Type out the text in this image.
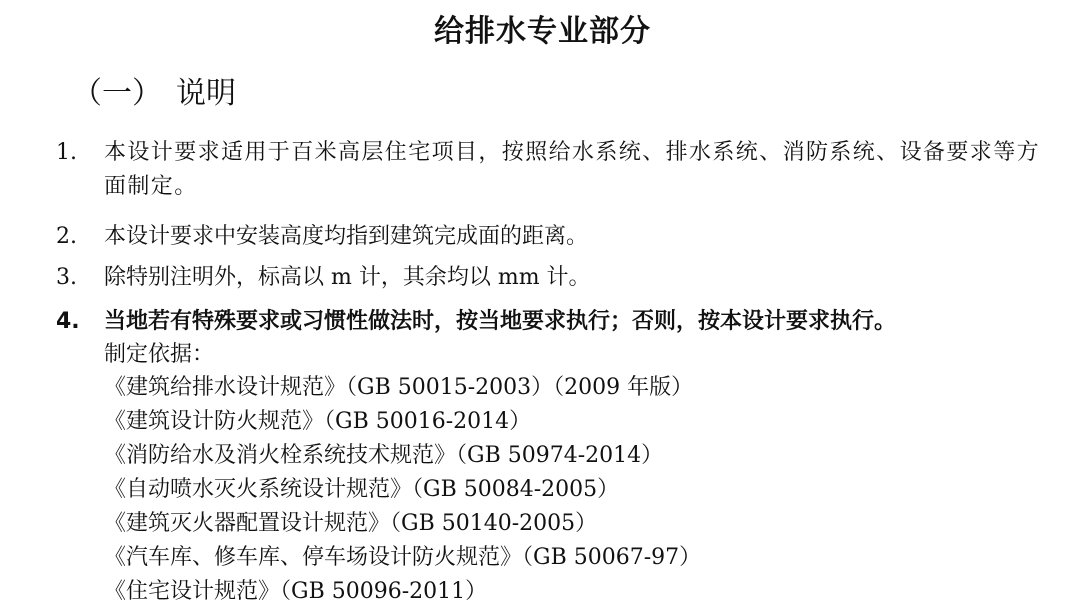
给排水专业部分
（一） 说明
1. 本设计要求适用于百米高层住宅项目，按照给水系统、排水系统、消防系统、设备要求等方面制定。
2. 本设计要求中安装高度均指到建筑完成面的距离。
3. 除特别注明外，标高以 m 计，其余均以 mm 计。
4. 当地若有特殊要求或习惯性做法时，按当地要求执行；否则，按本设计要求执行。
制定依据：
《建筑给排水设计规范》（GB 50015-2003）（2009 年版）
《建筑设计防火规范》（GB 50016-2014）
《消防给水及消火栓系统技术规范》（GB 50974-2014）
《自动喷水灭火系统设计规范》（GB 50084-2005）
《建筑灭火器配置设计规范》（GB 50140-2005）
《汽车库、修车库、停车场设计防火规范》（GB 50067-97）
《住宅设计规范》（GB 50096-2011）
